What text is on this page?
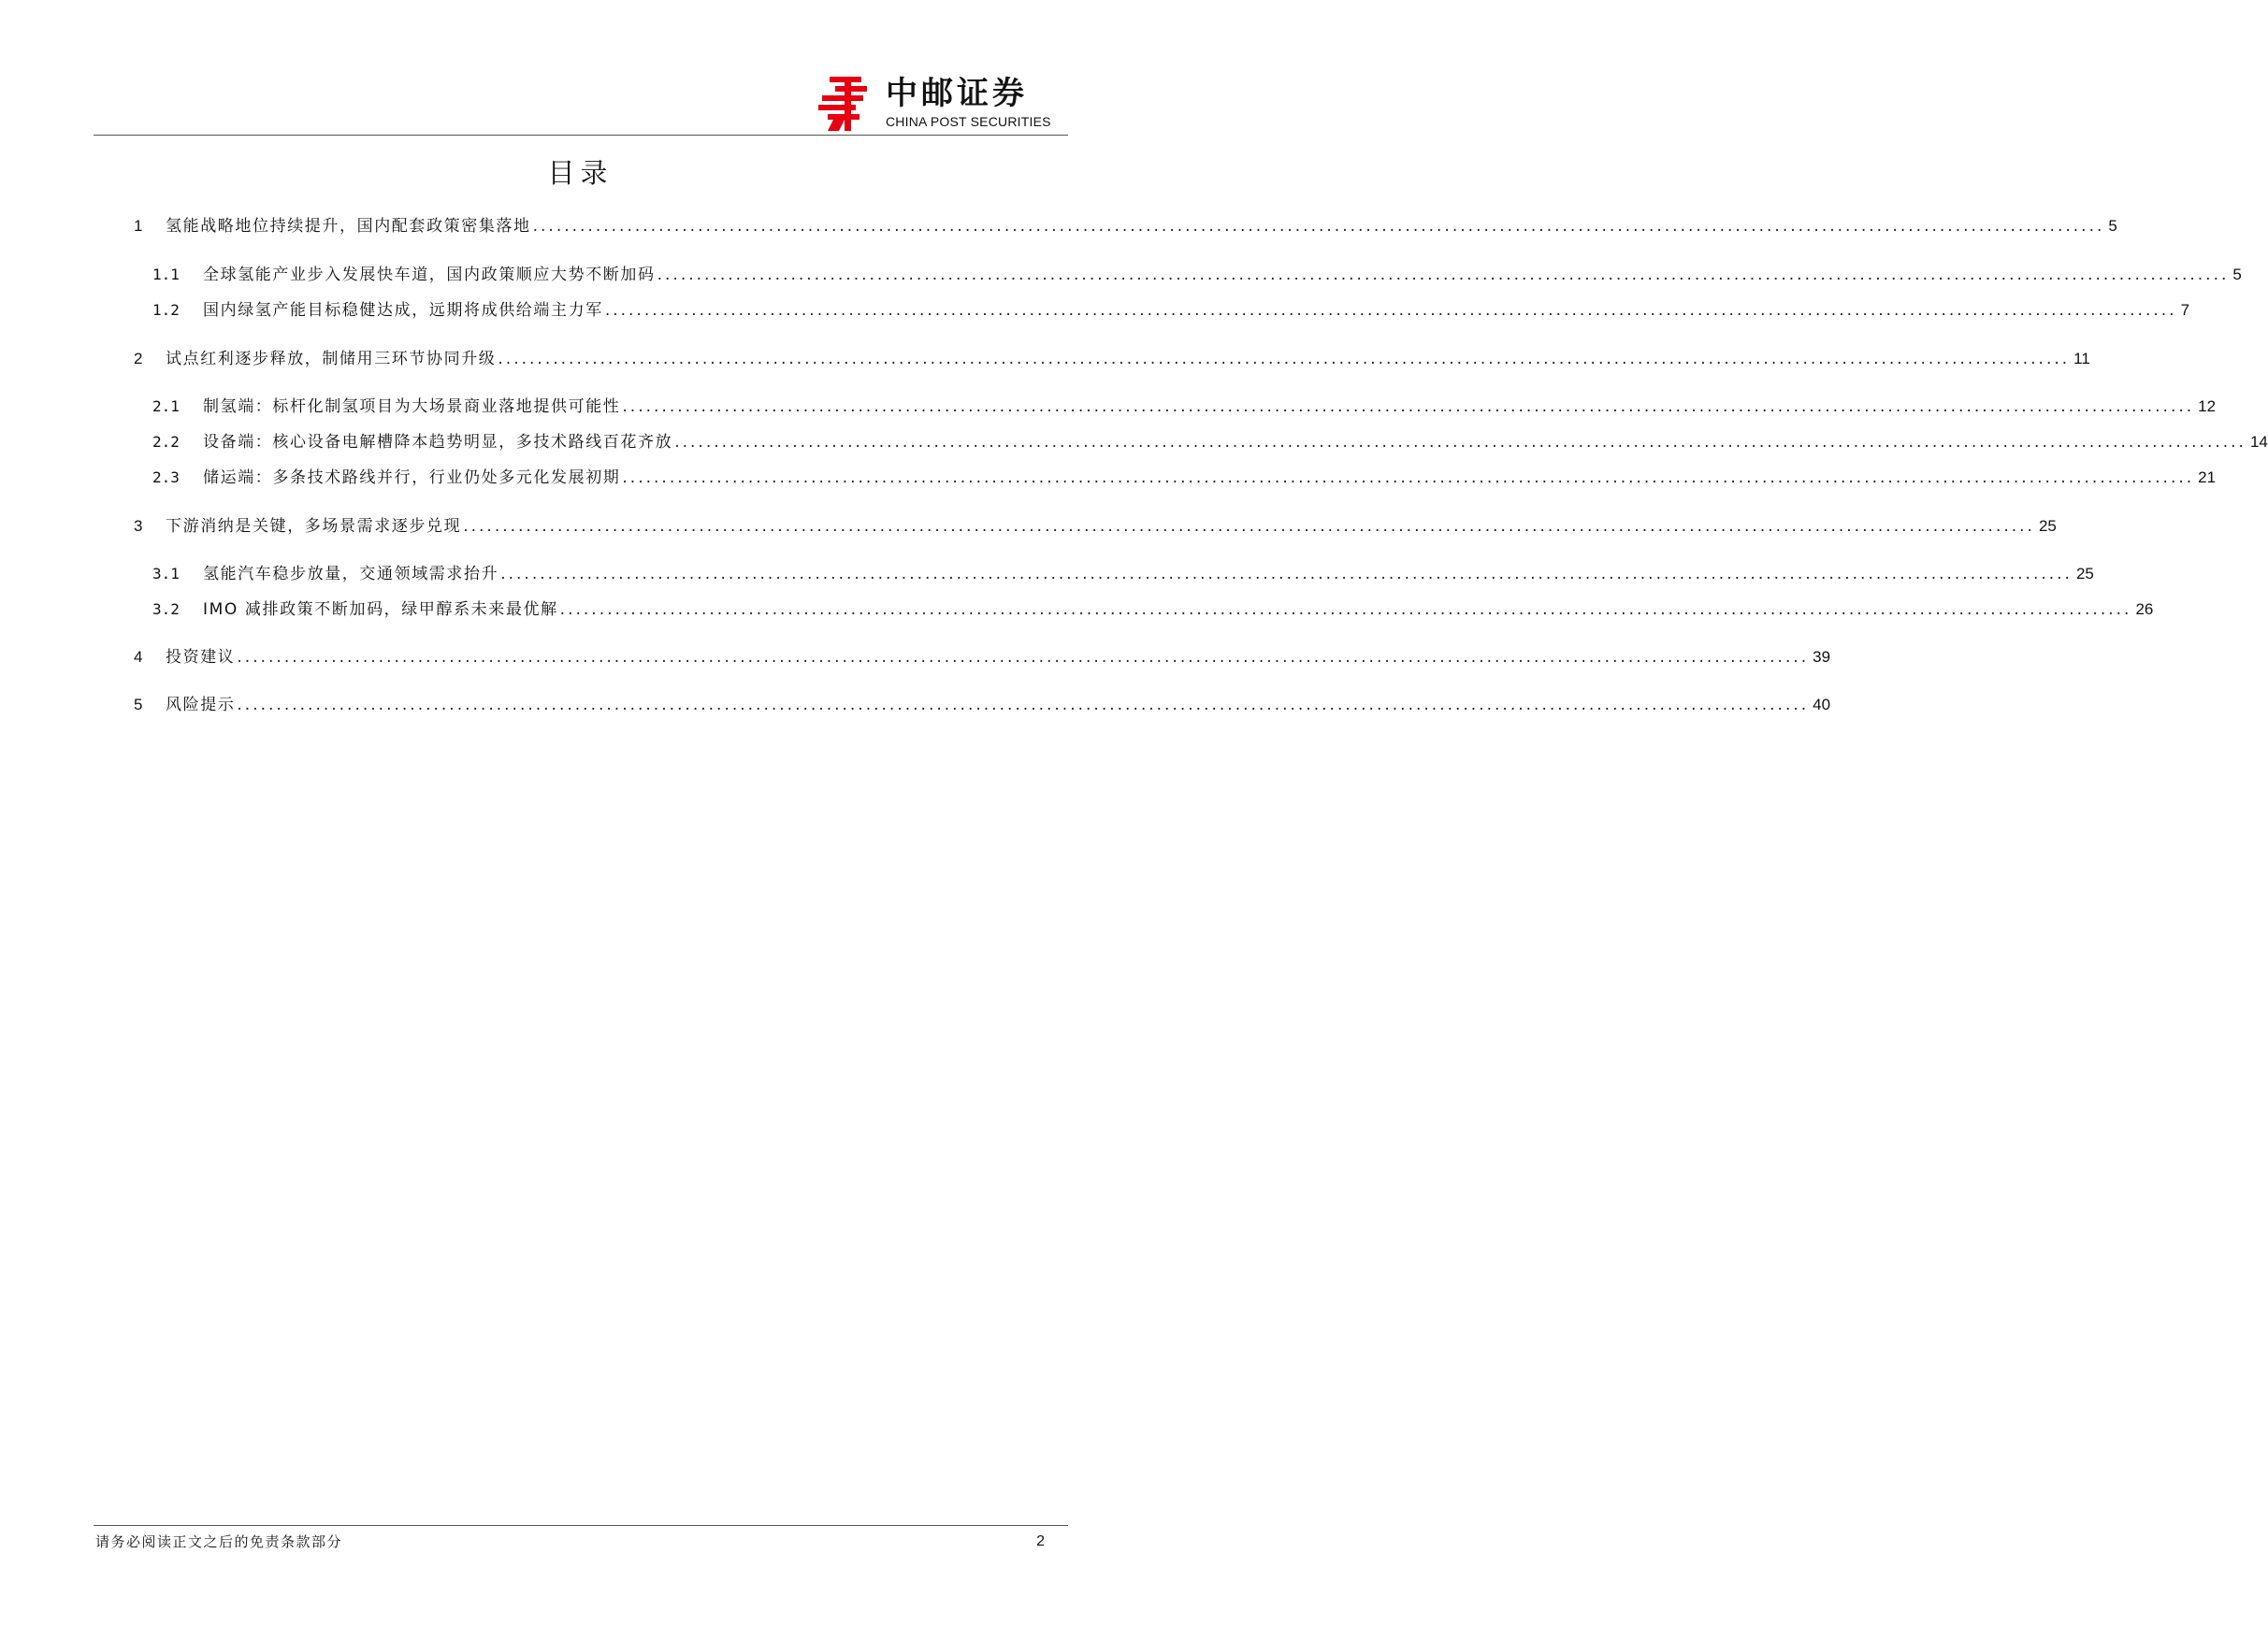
中邮证券
CHINA POST SECURITIES
目录
1	氢能战略地位持续提升，国内配套政策密集落地 ........................................................................................................................................................................................................ 5
1.1	全球氢能产业步入发展快车道，国内政策顺应大势不断加码 ........................................................................................................................................................................................................ 5
1.2	国内绿氢产能目标稳健达成，远期将成供给端主力军 ........................................................................................................................................................................................................ 7
2	试点红利逐步释放，制储用三环节协同升级 ........................................................................................................................................................................................................ 11
2.1	制氢端：标杆化制氢项目为大场景商业落地提供可能性 ........................................................................................................................................................................................................ 12
2.2	设备端：核心设备电解槽降本趋势明显，多技术路线百花齐放 ........................................................................................................................................................................................................ 14
2.3	储运端：多条技术路线并行，行业仍处多元化发展初期 ........................................................................................................................................................................................................ 21
3	下游消纳是关键，多场景需求逐步兑现 ........................................................................................................................................................................................................ 25
3.1	氢能汽车稳步放量，交通领域需求抬升 ........................................................................................................................................................................................................ 25
3.2	IMO 减排政策不断加码，绿甲醇系未来最优解 ........................................................................................................................................................................................................ 26
4	投资建议 ........................................................................................................................................................................................................ 39
5	风险提示 ........................................................................................................................................................................................................ 40
请务必阅读正文之后的免责条款部分	2
